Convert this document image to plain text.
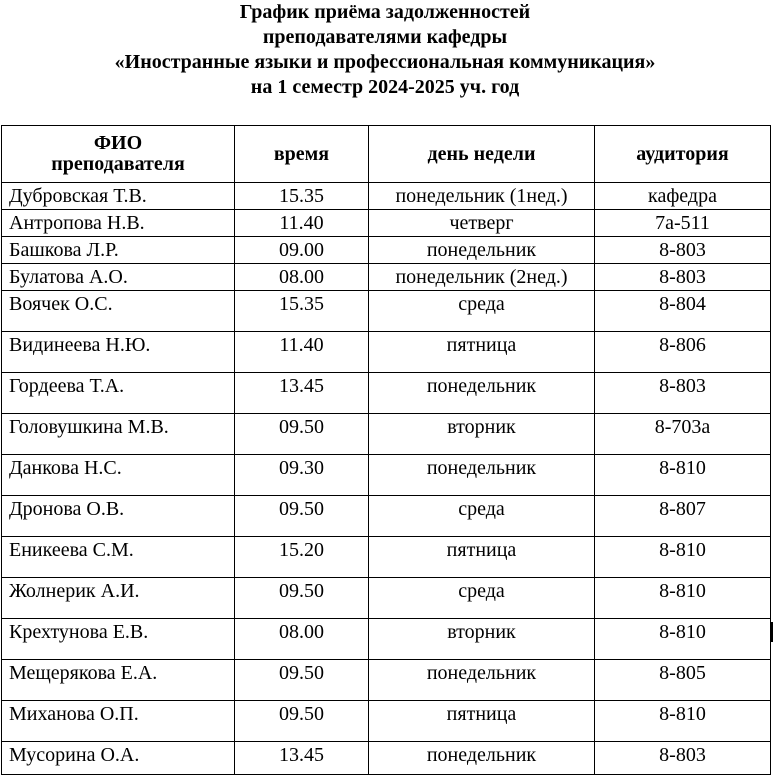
График приёма задолженностей
преподавателями кафедры
«Иностранные языки и профессиональная коммуникация»
на 1 семестр 2024-2025 уч. год
ФИО
преподавателя	время	день недели	аудитория
Дубровская Т.В.	15.35	понедельник (1нед.)	кафедра
Антропова Н.В.	11.40	четверг	7а-511
Башкова Л.Р.	09.00	понедельник	8-803
Булатова А.О.	08.00	понедельник (2нед.)	8-803
Воячек О.С.	15.35	среда	8-804
Видинеева Н.Ю.	11.40	пятница	8-806
Гордеева Т.А.	13.45	понедельник	8-803
Головушкина М.В.	09.50	вторник	8-703а
Данкова Н.С.	09.30	понедельник	8-810
Дронова О.В.	09.50	среда	8-807
Еникеева С.М.	15.20	пятница	8-810
Жолнерик А.И.	09.50	среда	8-810
Крехтунова Е.В.	08.00	вторник	8-810
Мещерякова Е.А.	09.50	понедельник	8-805
Миханова О.П.	09.50	пятница	8-810
Мусорина О.А.	13.45	понедельник	8-803
